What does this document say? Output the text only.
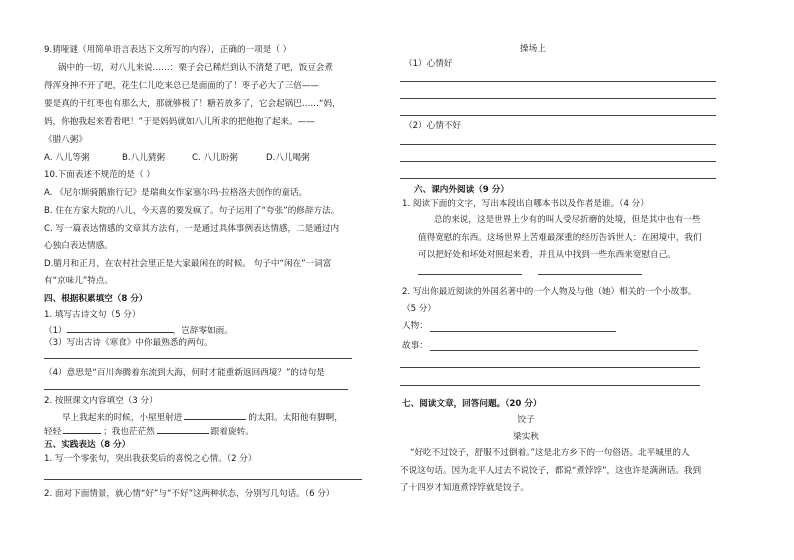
9.猜哑谜（用简单语言表达下文所写的内容），正确的一项是（ ）
锅中的一切，对八儿来说……：栗子会已稀烂到认不清楚了吧，饭豆会煮
得浑身抻不开了吧，花生仁儿吃来总已是面面的了！枣子必大了三倍——
要是真的干红枣也有那么大，那就够极了！糖若放多了，它会起锅巴……“妈，
妈，你抱我起来看看吧！”于是妈妈就如八儿所求的把他抱了起来。——
《腊八粥》
A. 八儿等粥	B.八儿猜粥	C. 八儿盼粥	D.八儿喝粥
10.下面表述不规范的是（ ）
A. 《尼尔斯骑鹅旅行记》是瑞典女作家塞尔玛·拉格洛夫创作的童话。
B. 住在方家大院的八儿，今天喜的要发疯了。句子运用了“夸张”的修辞方法。
C. 写一篇表达情感的文章其方法有，一是通过具体事例表达情感，二是通过内
心独白表达情感。
D.腊月和正月，在农村社会里正是大家最闲在的时候。 句子中“闲在”一词富
有“京味儿”特点。
四、根据积累填空（8 分）
1. 填写古诗文句（5 分）
（1）	，岂辞零如雨。
（3）写出古诗《寒食》中你最熟悉的两句。
（4）意思是“百川奔腾着东流到大海，何时才能重新返回西境？”的诗句是
2. 按照课文内容填空（3 分）
早上我起来的时候，小屋里射进	的太阳。太阳他有脚啊，
轻轻	；我也茫茫然	跟着旋转。
五、实践表达（8 分）
1. 写一个零张句，突出我获奖后的喜悦之心情。（2 分）
2. 面对下面情景，就心情“好”与“不好”这两种状态，分别写几句话。（6 分）
操场上
（1）心情好
（2）心情不好
六、课内外阅读（9 分）
1. 阅读下面的文字，写出本段出自哪本书以及作者是谁。（4 分）
总的来说，这是世界上少有的叫人受尽折磨的处境，但是其中也有一些
值得宽慰的东西。这场世界上苦难最深重的经历告诉世人：在困境中，我们
可以把好处和坏处对照起来看，并且从中找到一些东西来宽慰自己。
2. 写出你最近阅读的外国名著中的一个人物及与他（她）相关的一个小故事。
（5 分）
人物：
故事：
七、阅读文章，回答问题。（20 分）
饺子
梁实秋
“好吃不过饺子，舒服不过倒着。”这是北方乡下的一句俗语。北平城里的人
不说这句话。因为北平人过去不说饺子，都说“煮饽饽”，这也许是满洲话。我到
了十四岁才知道煮饽饽就是饺子。
